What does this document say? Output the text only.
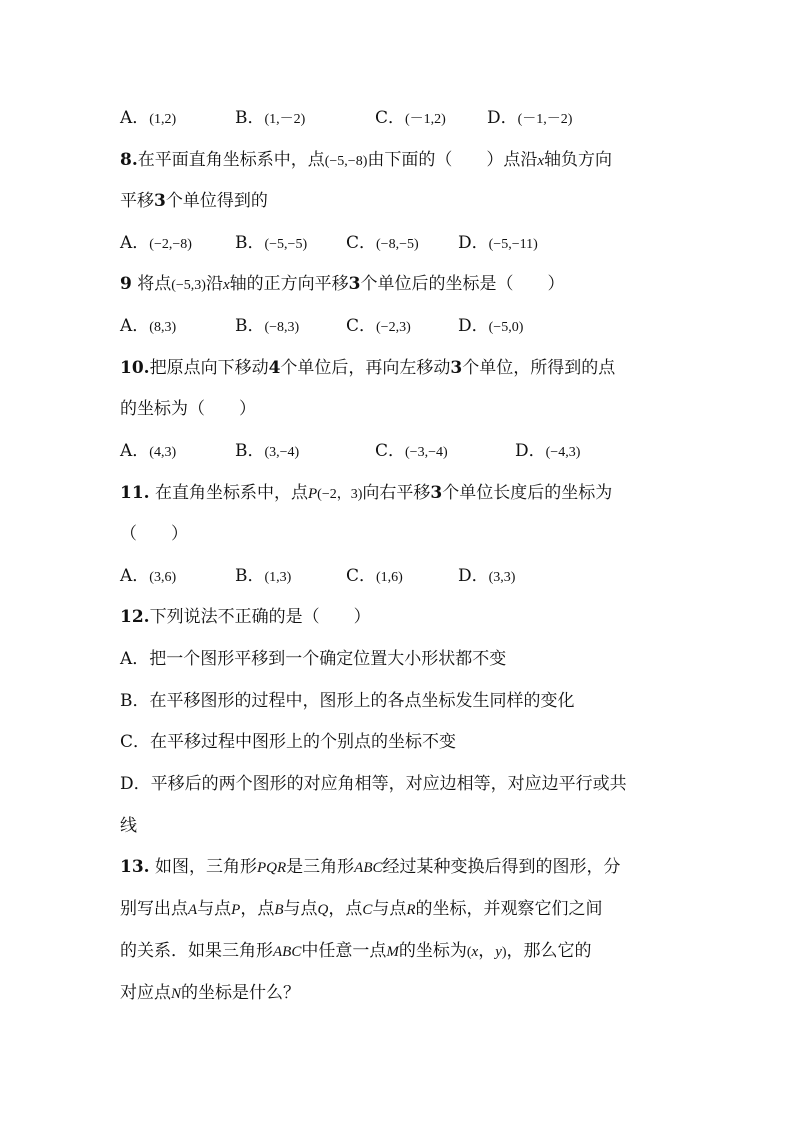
A．(1,2)	B．(1,－2)	C．(－1,2) D．(－1,－2)
8.在平面直角坐标系中，点(−5,−8)由下面的（　　）点沿x轴负方向
平移3个单位得到的
A．(−2,−8)	B．(−5,−5) C．(−8,−5) D．(−5,−11)
9 将点(−5,3)沿x轴的正方向平移3个单位后的坐标是（　　）
A．(8,3)	B．(−8,3)	C．(−2,3)	D．(−5,0)
10.把原点向下移动4个单位后，再向左移动3个单位，所得到的点
的坐标为（　　）
A．(4,3)	B．(3,−4)	C．(−3,−4)	D．(−4,3)
11. 在直角坐标系中，点P(−2，3)向右平移3个单位长度后的坐标为
（　　）
A．(3,6)	B．(1,3)	C．(1,6)	D．(3,3)
12.下列说法不正确的是（　　）
A．把一个图形平移到一个确定位置大小形状都不变
B．在平移图形的过程中，图形上的各点坐标发生同样的变化
C．在平移过程中图形上的个别点的坐标不变
D．平移后的两个图形的对应角相等，对应边相等，对应边平行或共
线
13. 如图，三角形PQR是三角形ABC经过某种变换后得到的图形，分
别写出点A与点P，点B与点Q，点C与点R的坐标，并观察它们之间
的关系．如果三角形ABC中任意一点M的坐标为(x，y)，那么它的
对应点N的坐标是什么？
